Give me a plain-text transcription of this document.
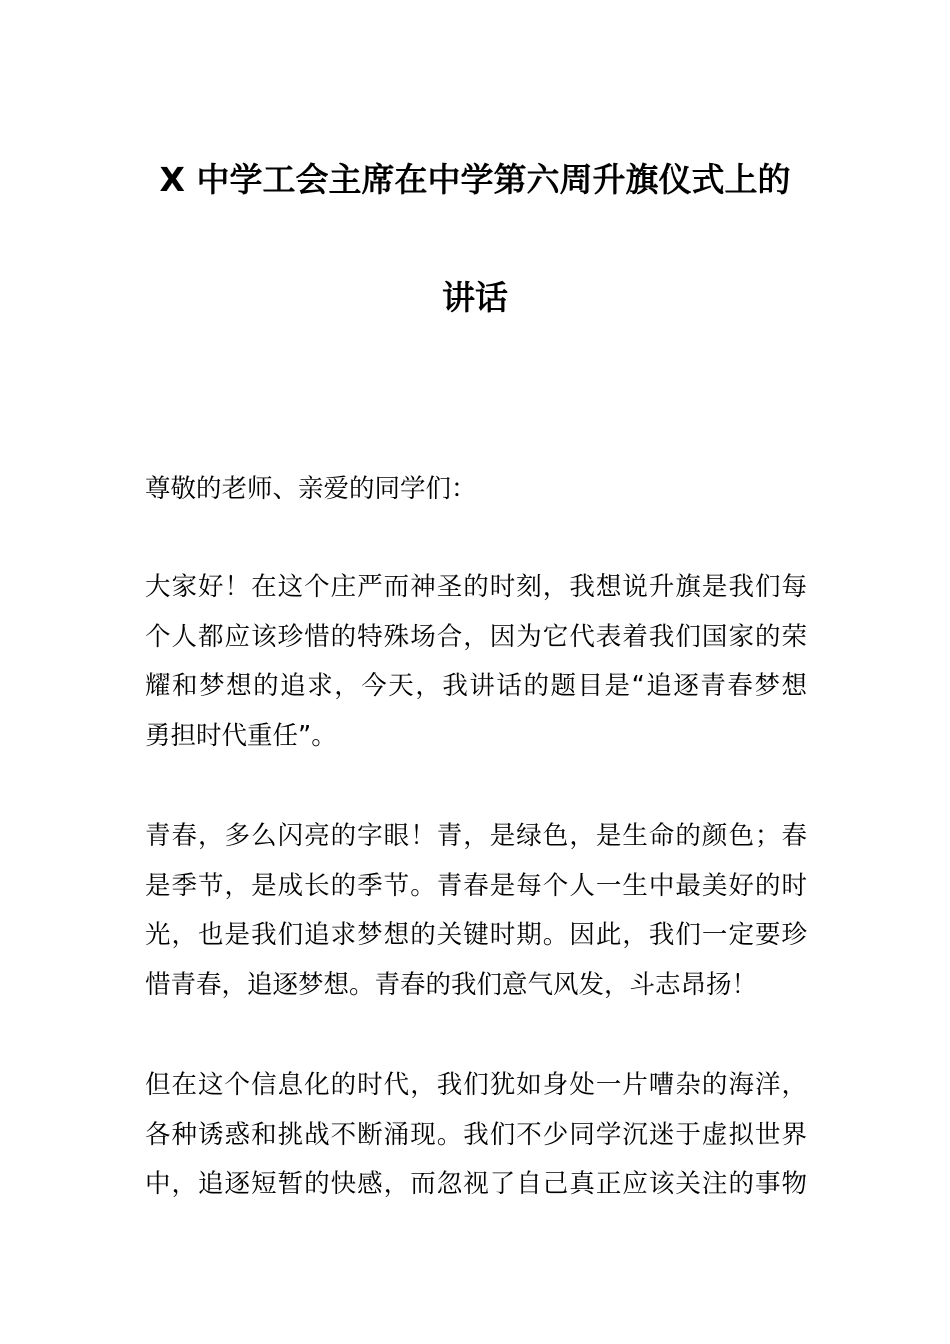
X 中学工会主席在中学第六周升旗仪式上的
讲话

尊敬的老师、亲爱的同学们：

大家好！在这个庄严而神圣的时刻，我想说升旗是我们每
个人都应该珍惜的特殊场合，因为它代表着我们国家的荣
耀和梦想的追求，今天，我讲话的题目是“追逐青春梦想
勇担时代重任”。

青春，多么闪亮的字眼！青，是绿色，是生命的颜色；春
是季节，是成长的季节。青春是每个人一生中最美好的时
光，也是我们追求梦想的关键时期。因此，我们一定要珍
惜青春，追逐梦想。青春的我们意气风发，斗志昂扬！

但在这个信息化的时代，我们犹如身处一片嘈杂的海洋，
各种诱惑和挑战不断涌现。我们不少同学沉迷于虚拟世界
中，追逐短暂的快感，而忽视了自己真正应该关注的事物
